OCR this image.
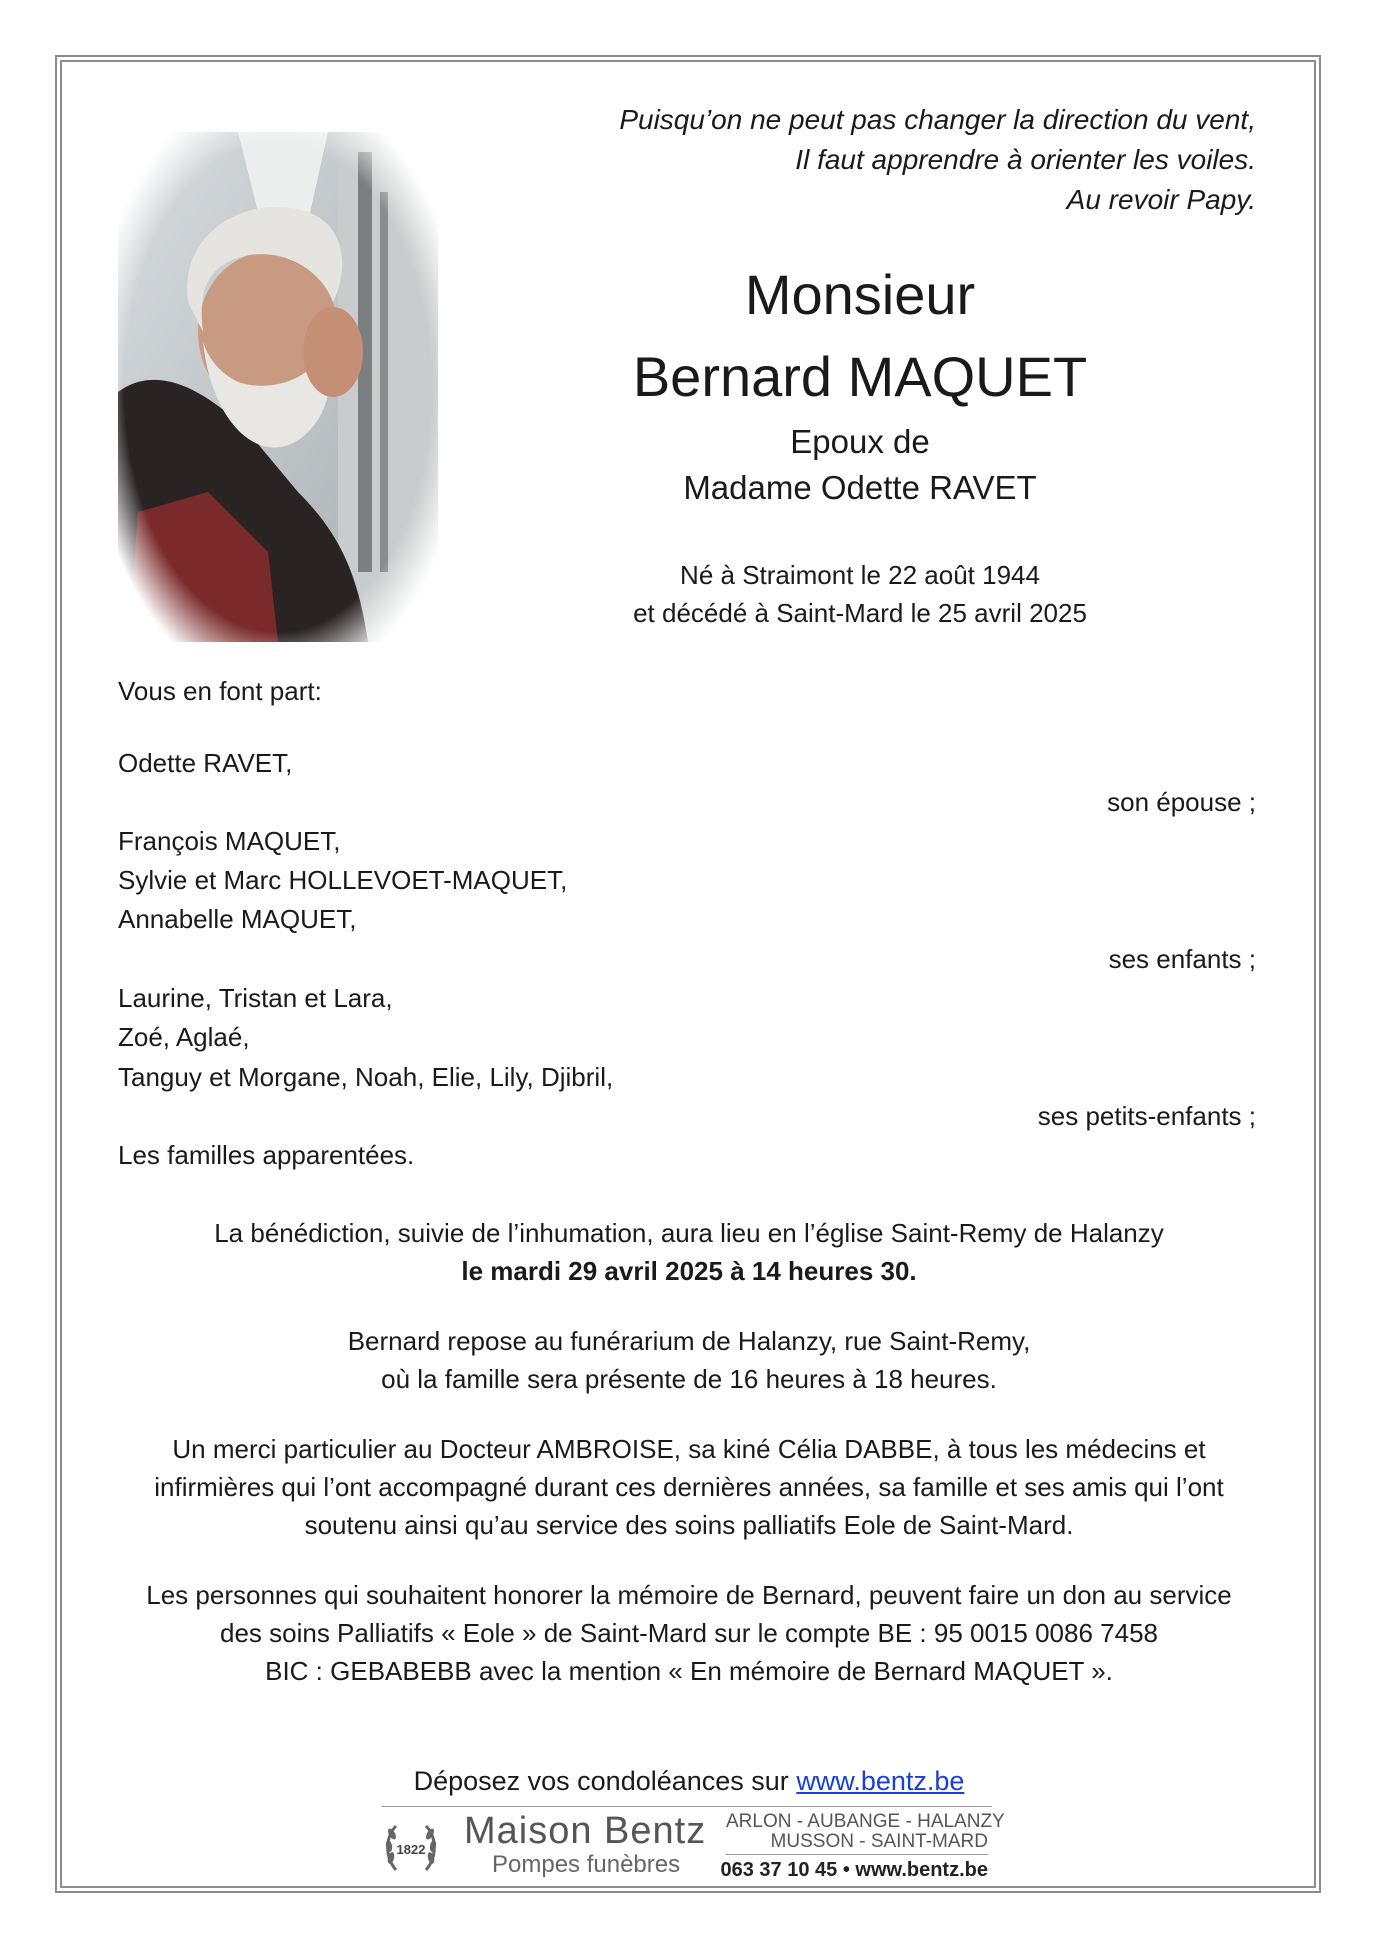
Puisqu’on ne peut pas changer la direction du vent,
Il faut apprendre à orienter les voiles.
Au revoir Papy.
Monsieur
Bernard MAQUET
Epoux de
Madame Odette RAVET
Né à Straimont le 22 août 1944
et décédé à Saint-Mard le 25 avril 2025
Vous en font part:
Odette RAVET,
son épouse ;
François MAQUET,
Sylvie et Marc HOLLEVOET-MAQUET,
Annabelle MAQUET,
ses enfants ;
Laurine, Tristan et Lara,
Zoé, Aglaé,
Tanguy et Morgane, Noah, Elie, Lily, Djibril,
ses petits-enfants ;
Les familles apparentées.
La bénédiction, suivie de l’inhumation, aura lieu en l’église Saint-Remy de Halanzy
le mardi 29 avril 2025 à 14 heures 30.
Bernard repose au funérarium de Halanzy, rue Saint-Remy,
où la famille sera présente de 16 heures à 18 heures.
Un merci particulier au Docteur AMBROISE, sa kiné Célia DABBE, à tous les médecins et
infirmières qui l’ont accompagné durant ces dernières années, sa famille et ses amis qui l’ont
soutenu ainsi qu’au service des soins palliatifs Eole de Saint-Mard.
Les personnes qui souhaitent honorer la mémoire de Bernard, peuvent faire un don au service
des soins Palliatifs « Eole » de Saint-Mard sur le compte BE : 95 0015 0086 7458
BIC : GEBABEBB avec la mention « En mémoire de Bernard MAQUET ».
Déposez vos condoléances sur www.bentz.be
1822 Maison Bentz
Pompes funèbres
ARLON - AUBANGE - HALANZY
MUSSON - SAINT-MARD
063 37 10 45 • www.bentz.be
